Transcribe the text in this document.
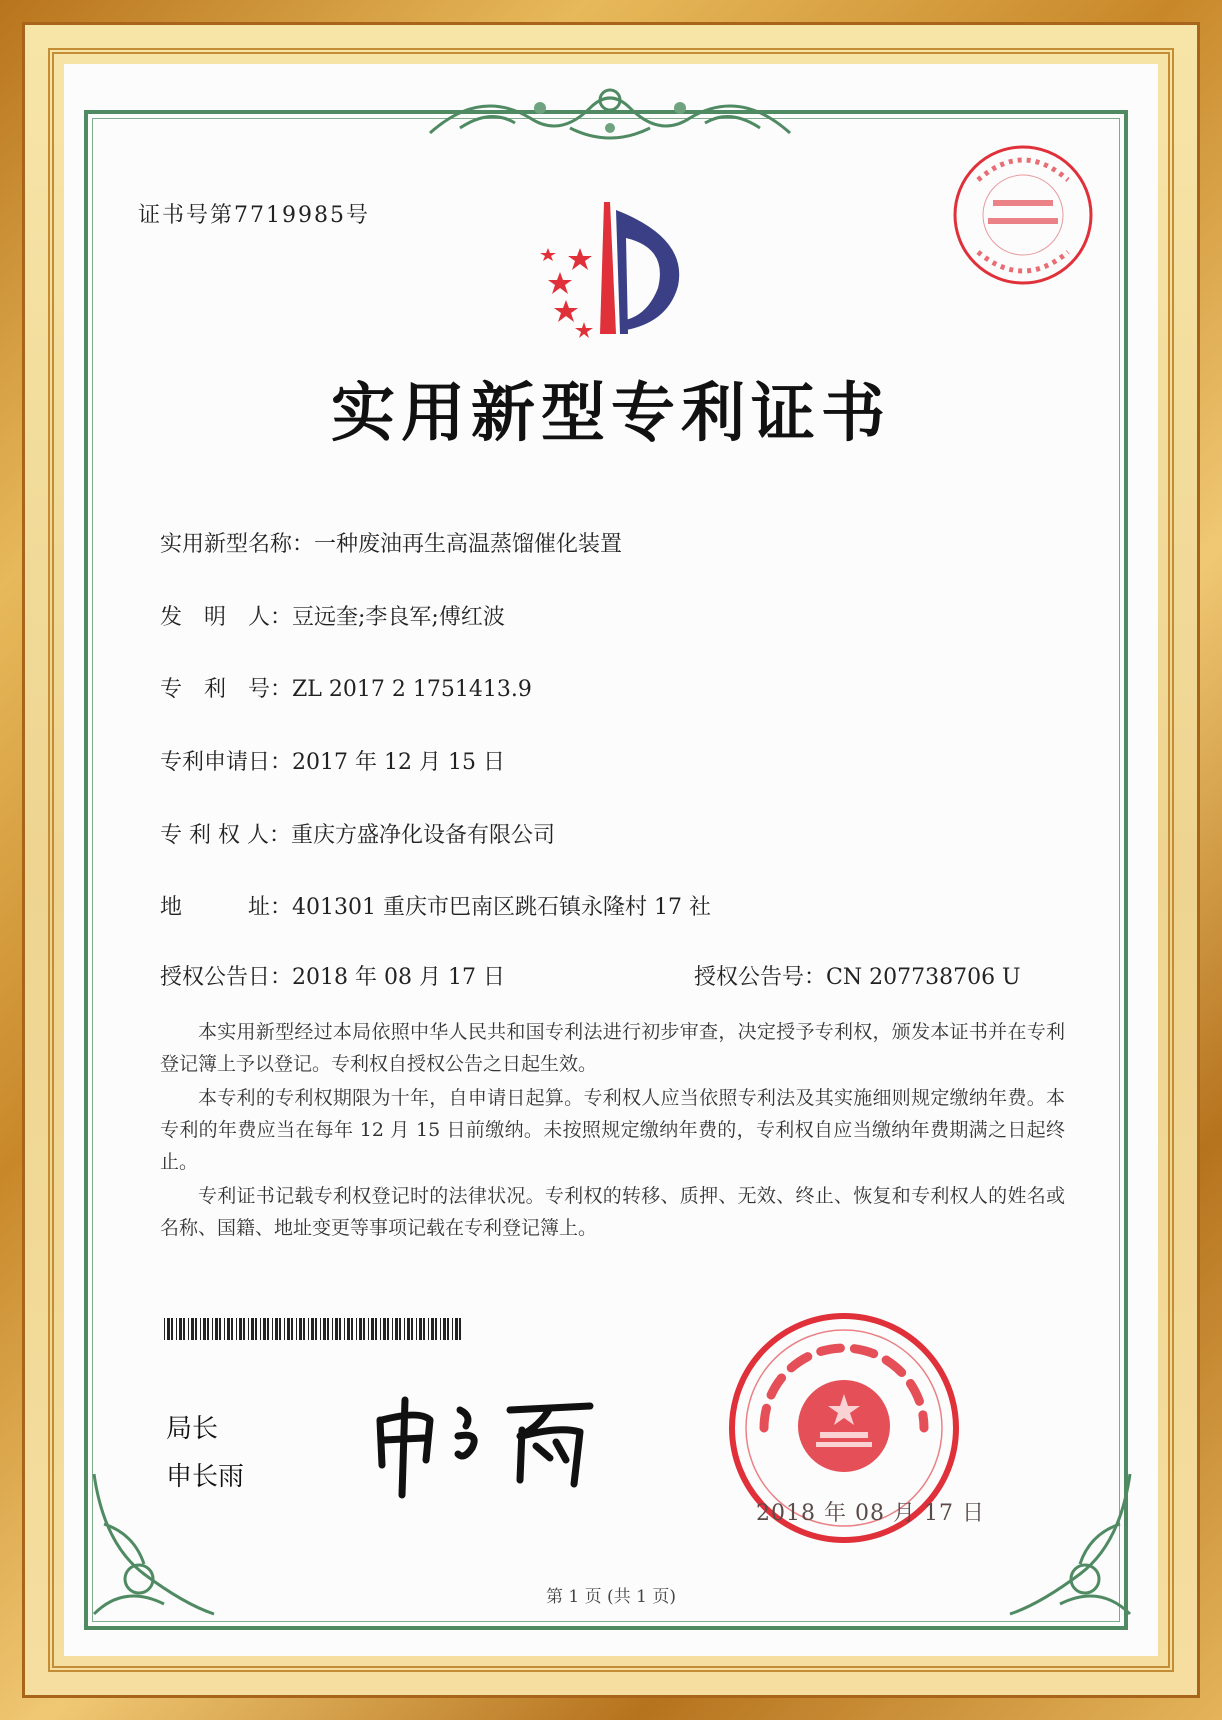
证书号第7719985号
实用新型专利证书
实用新型名称：一种废油再生高温蒸馏催化装置
发　明　人：豆远奎;李良军;傅红波
专　利　号：ZL 2017 2 1751413.9
专利申请日：2017 年 12 月 15 日
专 利 权 人：重庆方盛净化设备有限公司
地　　　址：401301 重庆市巴南区跳石镇永隆村 17 社
授权公告日：2018 年 08 月 17 日	授权公告号：CN 207738706 U

本实用新型经过本局依照中华人民共和国专利法进行初步审查，决定授予专利权，颁发本证书并在专利登记簿上予以登记。专利权自授权公告之日起生效。

本专利的专利权期限为十年，自申请日起算。专利权人应当依照专利法及其实施细则规定缴纳年费。本专利的年费应当在每年 12 月 15 日前缴纳。未按照规定缴纳年费的，专利权自应当缴纳年费期满之日起终止。

专利证书记载专利权登记时的法律状况。专利权的转移、质押、无效、终止、恢复和专利权人的姓名或名称、国籍、地址变更等事项记载在专利登记簿上。

局长
申长雨
2018 年 08 月 17 日
第 1 页 (共 1 页)
